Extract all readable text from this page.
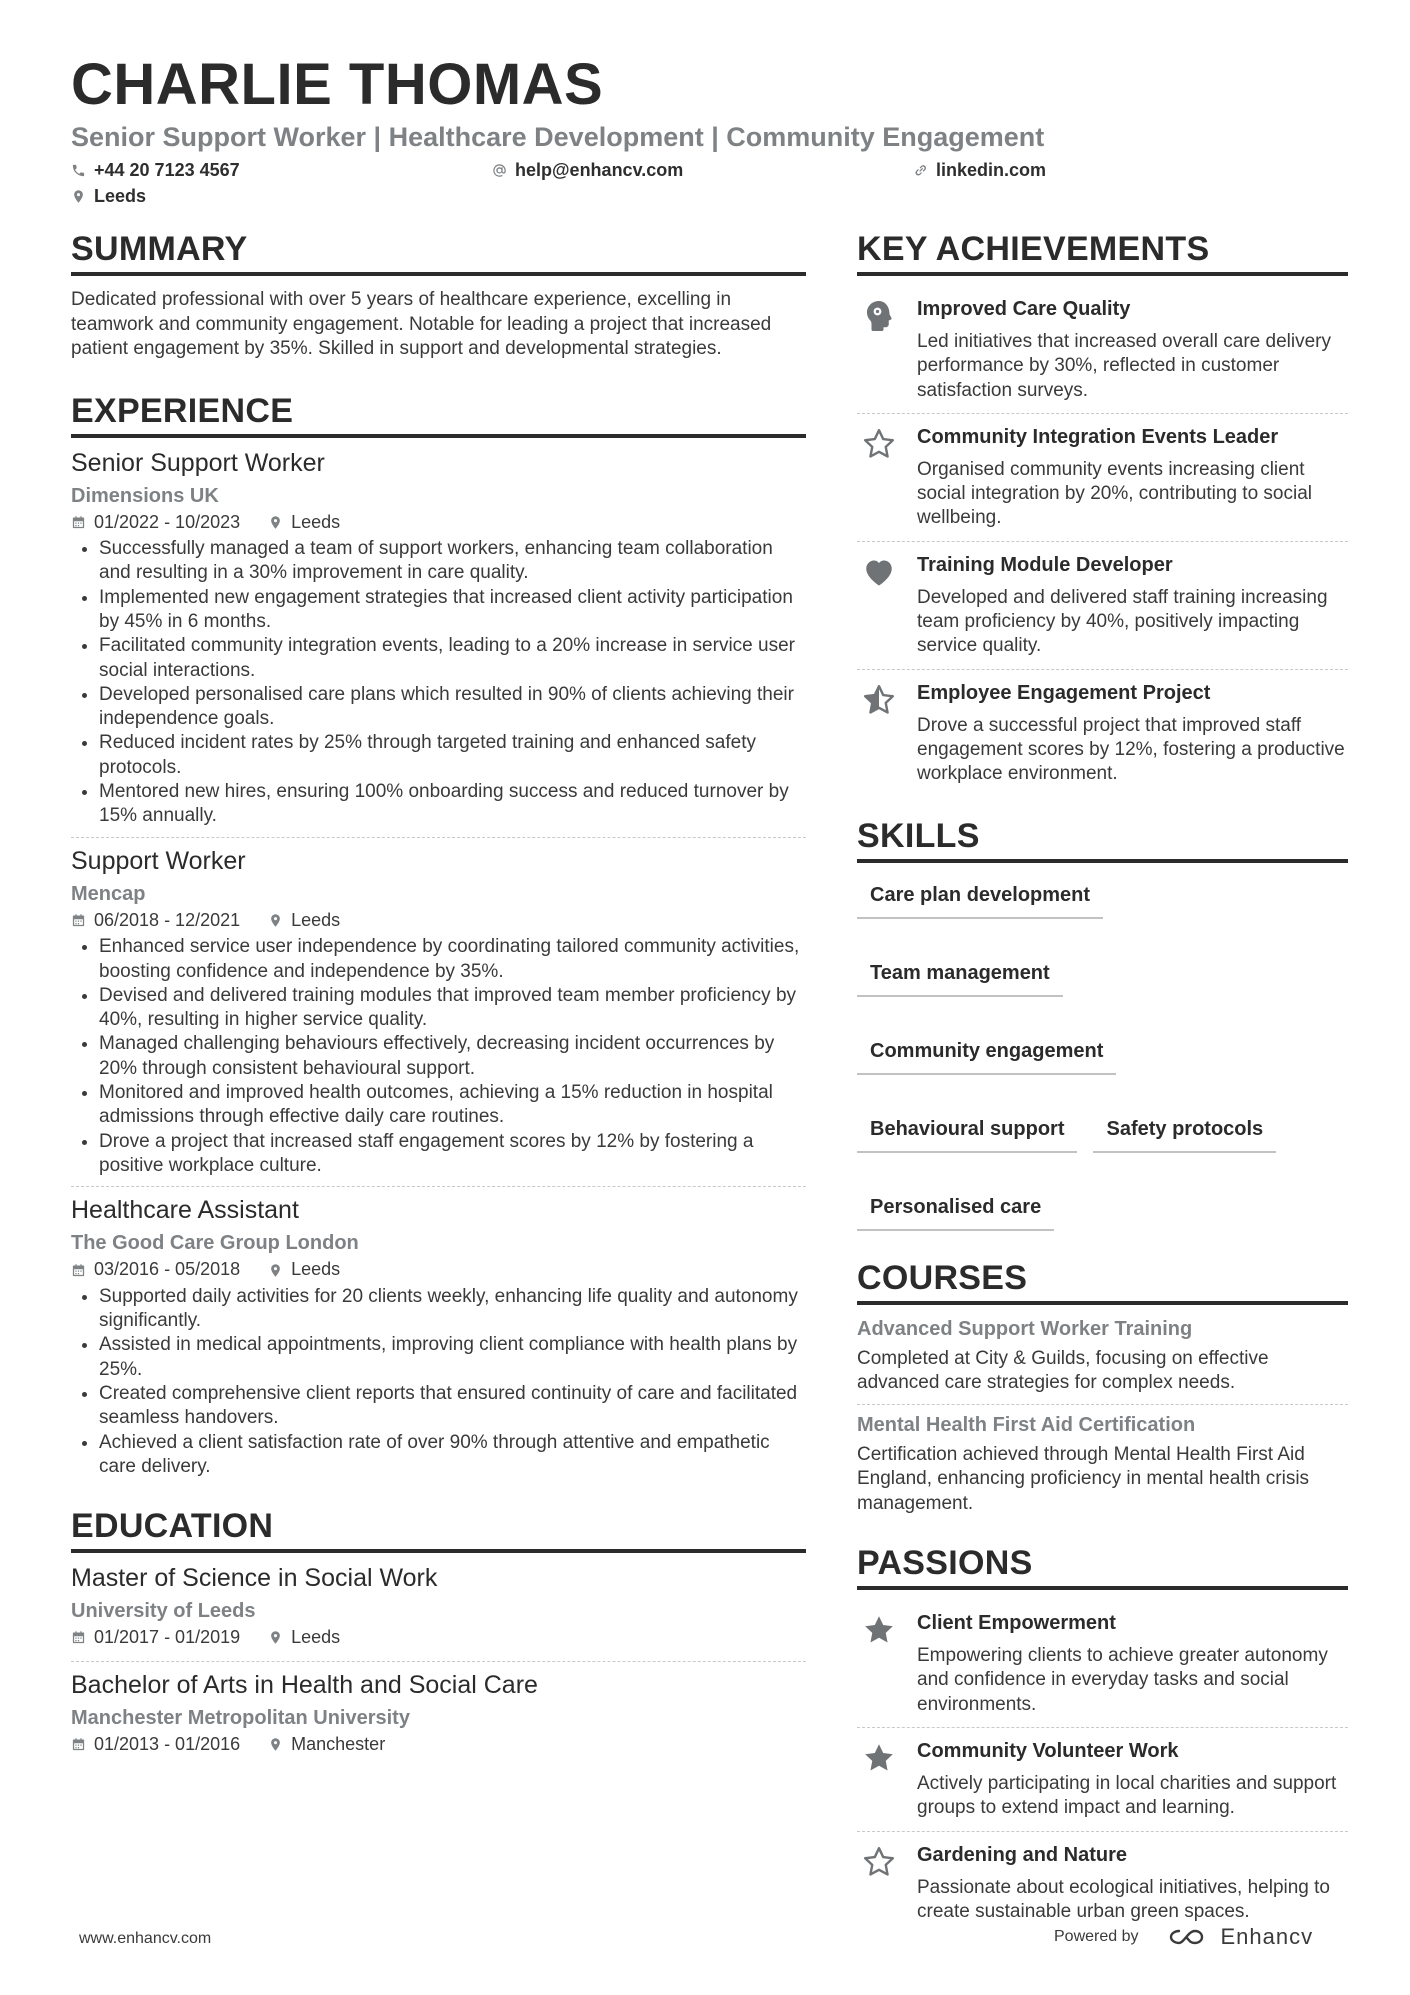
CHARLIE THOMAS
Senior Support Worker | Healthcare Development | Community Engagement
+44 20 7123 4567	help@enhancv.com	linkedin.com
Leeds
SUMMARY

Dedicated professional with over 5 years of healthcare experience, excelling in teamwork and community engagement. Notable for leading a project that increased patient engagement by 35%. Skilled in support and developmental strategies.

EXPERIENCE
Senior Support Worker
Dimensions UK
01/2022 - 10/2023	Leeds
• Successfully managed a team of support workers, enhancing team collaboration and resulting in a 30% improvement in care quality.
• Implemented new engagement strategies that increased client activity participation by 45% in 6 months.
• Facilitated community integration events, leading to a 20% increase in service user social interactions.
• Developed personalised care plans which resulted in 90% of clients achieving their independence goals.
• Reduced incident rates by 25% through targeted training and enhanced safety protocols.
• Mentored new hires, ensuring 100% onboarding success and reduced turnover by 15% annually.
Support Worker
Mencap
06/2018 - 12/2021	Leeds
• Enhanced service user independence by coordinating tailored community activities, boosting confidence and independence by 35%.
• Devised and delivered training modules that improved team member proficiency by 40%, resulting in higher service quality.
• Managed challenging behaviours effectively, decreasing incident occurrences by 20% through consistent behavioural support.
• Monitored and improved health outcomes, achieving a 15% reduction in hospital admissions through effective daily care routines.
• Drove a project that increased staff engagement scores by 12% by fostering a positive workplace culture.
Healthcare Assistant
The Good Care Group London
03/2016 - 05/2018	Leeds
• Supported daily activities for 20 clients weekly, enhancing life quality and autonomy significantly.
• Assisted in medical appointments, improving client compliance with health plans by 25%.
• Created comprehensive client reports that ensured continuity of care and facilitated seamless handovers.
• Achieved a client satisfaction rate of over 90% through attentive and empathetic care delivery.
EDUCATION
Master of Science in Social Work
University of Leeds
01/2017 - 01/2019	Leeds
Bachelor of Arts in Health and Social Care
Manchester Metropolitan University
01/2013 - 01/2016	Manchester
KEY ACHIEVEMENTS
Improved Care Quality

Led initiatives that increased overall care delivery performance by 30%, reflected in customer satisfaction surveys.

Community Integration Events Leader

Organised community events increasing client social integration by 20%, contributing to social wellbeing.

Training Module Developer

Developed and delivered staff training increasing team proficiency by 40%, positively impacting service quality.

Employee Engagement Project

Drove a successful project that improved staff engagement scores by 12%, fostering a productive workplace environment.

SKILLS
Care plan development
Team management
Community engagement
Behavioural support	Safety protocols
Personalised care
COURSES
Advanced Support Worker Training

Completed at City & Guilds, focusing on effective advanced care strategies for complex needs.

Mental Health First Aid Certification

Certification achieved through Mental Health First Aid England, enhancing proficiency in mental health crisis management.

PASSIONS
Client Empowerment

Empowering clients to achieve greater autonomy and confidence in everyday tasks and social environments.

Community Volunteer Work

Actively participating in local charities and support groups to extend impact and learning.

Gardening and Nature

Passionate about ecological initiatives, helping to create sustainable urban green spaces.

www.enhancv.com	Powered by	Enhancv
